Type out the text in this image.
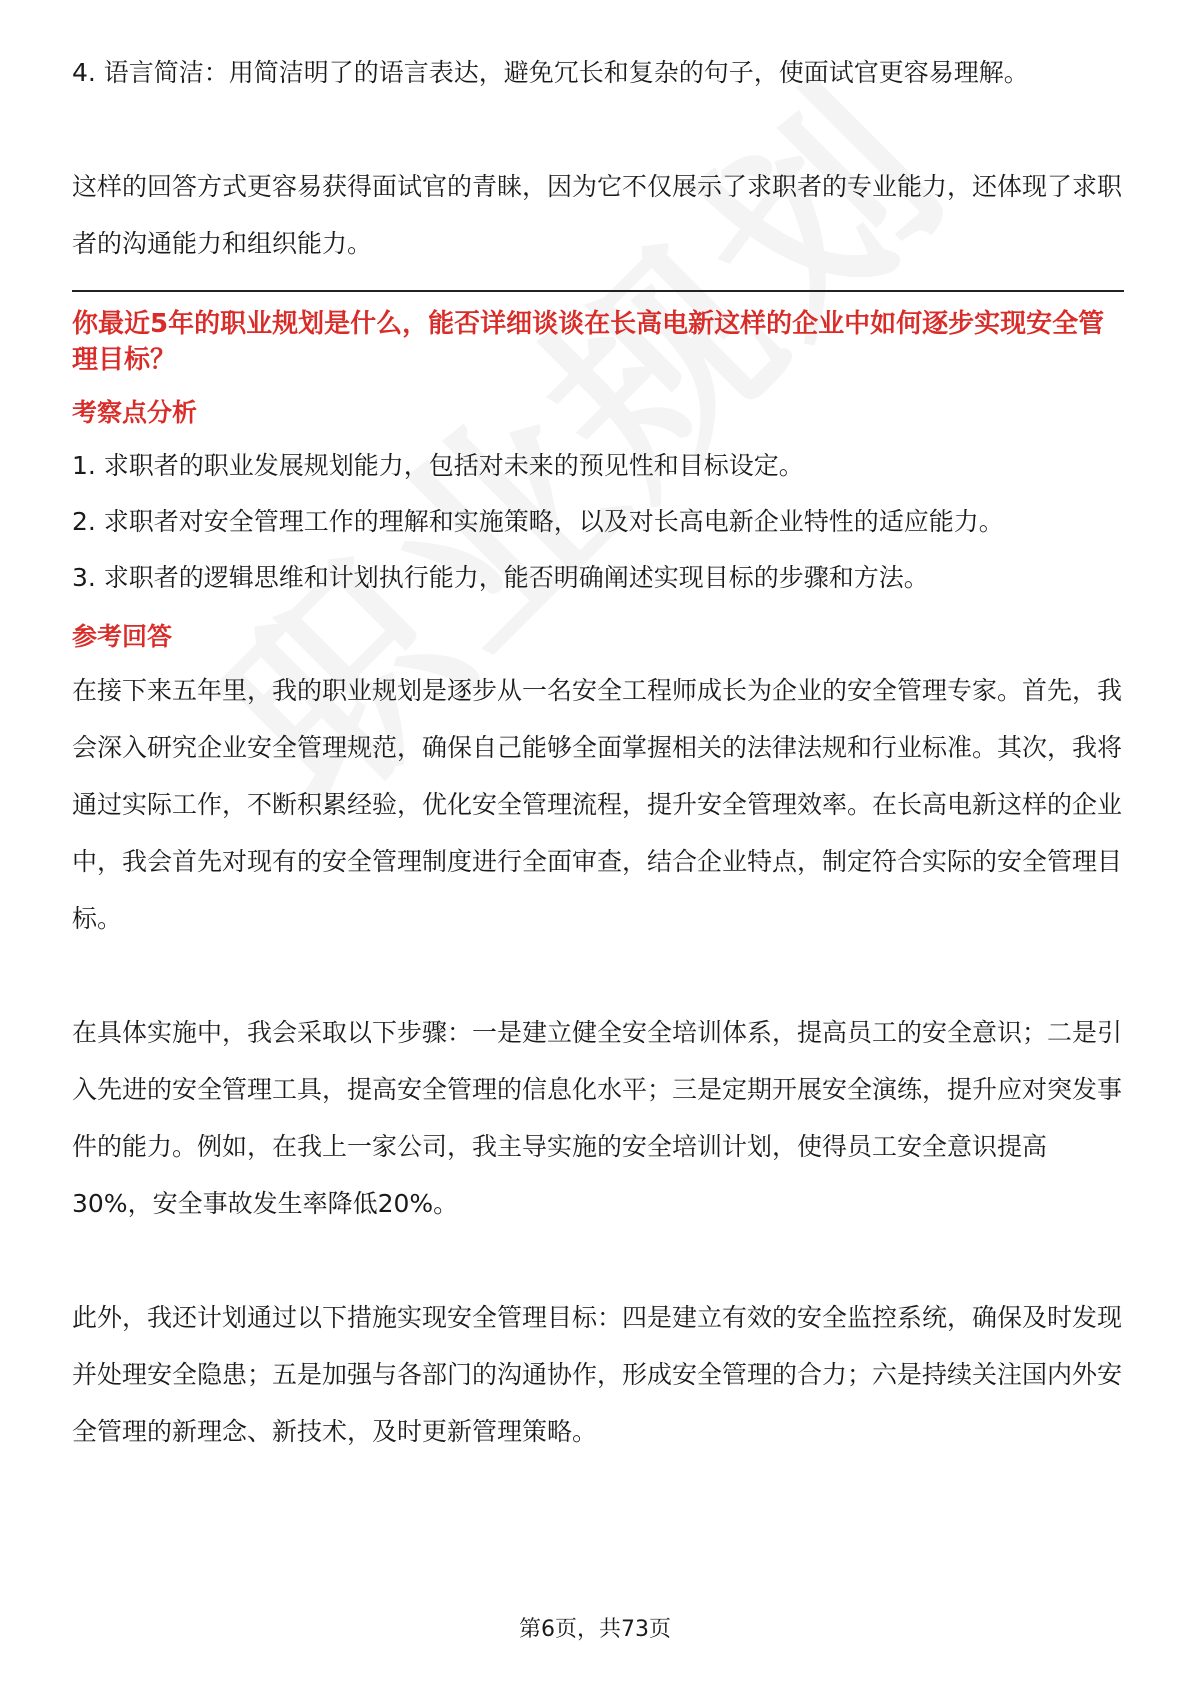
4. 语言简洁：用简洁明了的语言表达，避免冗长和复杂的句子，使面试官更容易理解。

这样的回答方式更容易获得面试官的青睐，因为它不仅展示了求职者的专业能力，还体现了求职者的沟通能力和组织能力。

你最近5年的职业规划是什么，能否详细谈谈在长高电新这样的企业中如何逐步实现安全管理目标？

考察点分析

1. 求职者的职业发展规划能力，包括对未来的预见性和目标设定。

2. 求职者对安全管理工作的理解和实施策略，以及对长高电新企业特性的适应能力。

3. 求职者的逻辑思维和计划执行能力，能否明确阐述实现目标的步骤和方法。

参考回答

在接下来五年里，我的职业规划是逐步从一名安全工程师成长为企业的安全管理专家。首先，我会深入研究企业安全管理规范，确保自己能够全面掌握相关的法律法规和行业标准。其次，我将通过实际工作，不断积累经验，优化安全管理流程，提升安全管理效率。在长高电新这样的企业中，我会首先对现有的安全管理制度进行全面审查，结合企业特点，制定符合实际的安全管理目标。

在具体实施中，我会采取以下步骤：一是建立健全安全培训体系，提高员工的安全意识；二是引入先进的安全管理工具，提高安全管理的信息化水平；三是定期开展安全演练，提升应对突发事件的能力。例如，在我上一家公司，我主导实施的安全培训计划，使得员工安全意识提高30%，安全事故发生率降低20%。

此外，我还计划通过以下措施实现安全管理目标：四是建立有效的安全监控系统，确保及时发现并处理安全隐患；五是加强与各部门的沟通协作，形成安全管理的合力；六是持续关注国内外安全管理的新理念、新技术，及时更新管理策略。

第6页，共73页
